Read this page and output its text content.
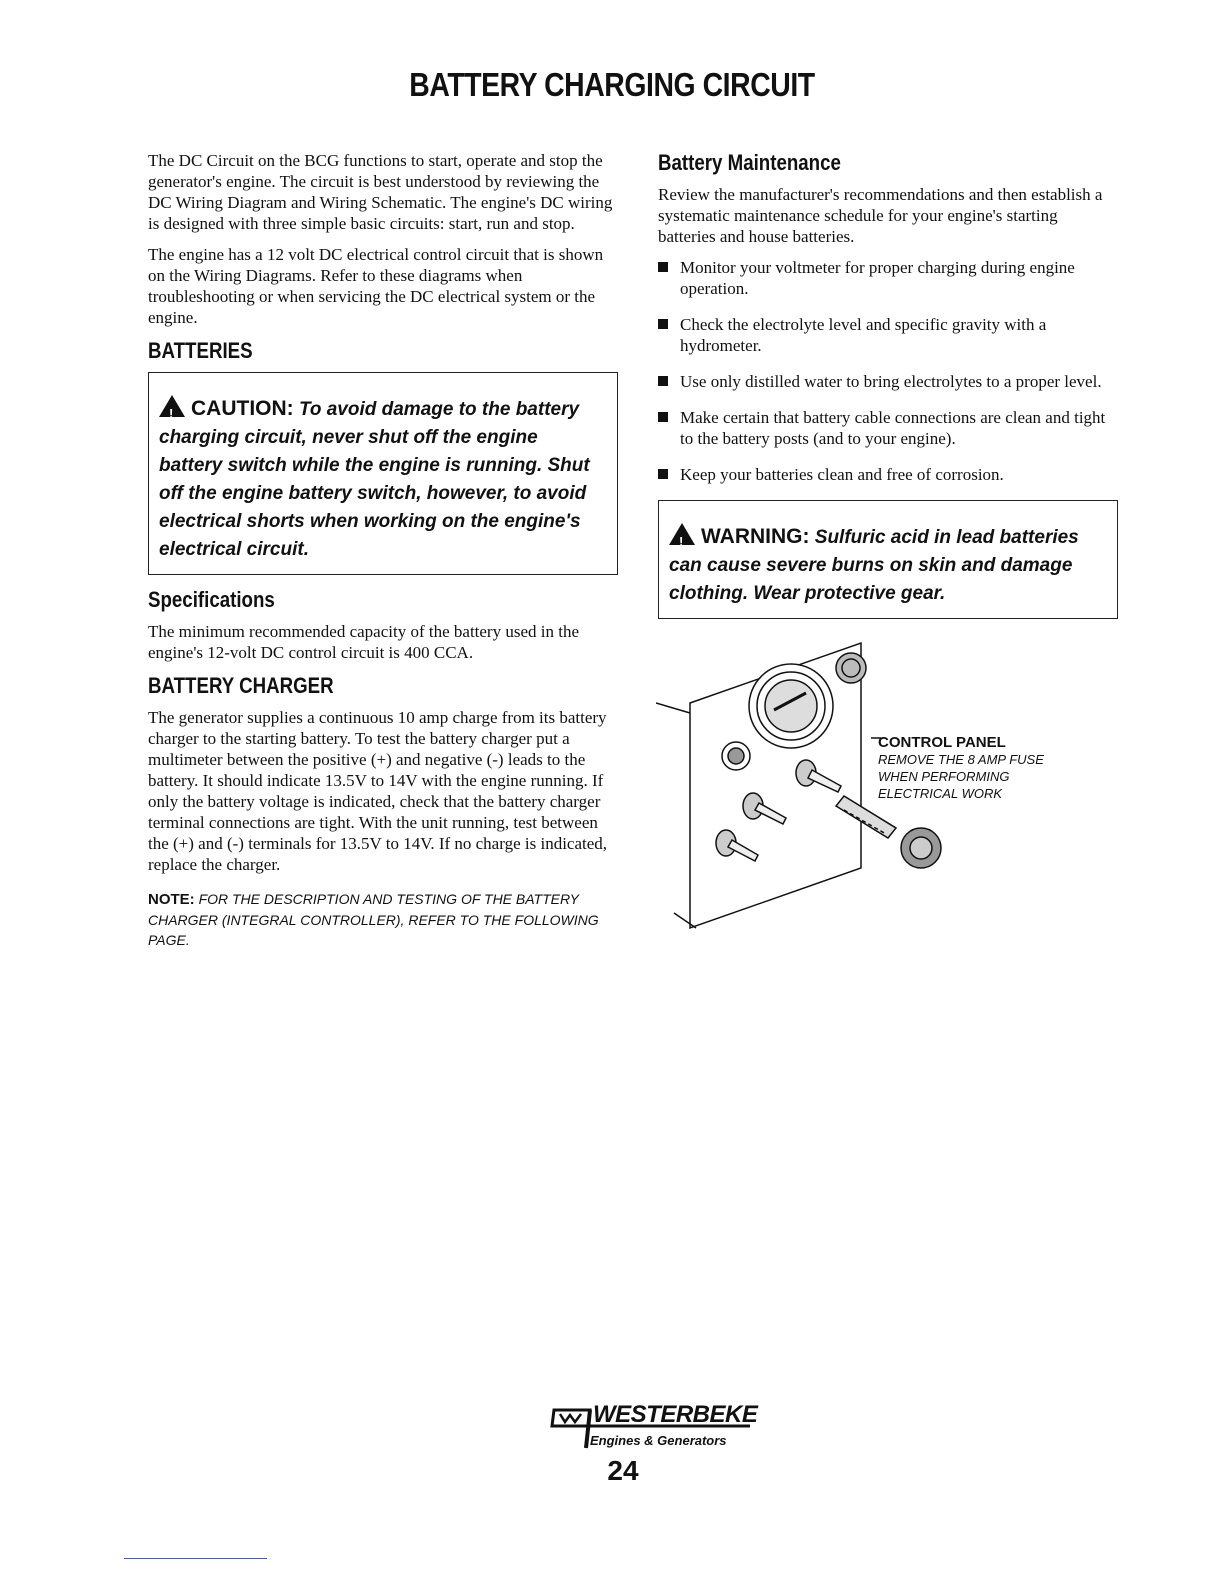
BATTERY CHARGING CIRCUIT

The DC Circuit on the BCG functions to start, operate and stop the generator's engine. The circuit is best understood by reviewing the DC Wiring Diagram and Wiring Schematic. The engine's DC wiring is designed with three simple basic circuits: start, run and stop.

The engine has a 12 volt DC electrical control circuit that is shown on the Wiring Diagrams. Refer to these diagrams when troubleshooting or when servicing the DC electrical system or the engine.

BATTERIES
!CAUTION: To avoid damage to the battery charging circuit, never shut off the engine battery switch while the engine is running. Shut off the engine battery switch, however, to avoid electrical shorts when working on the engine's electrical circuit.
Specifications

The minimum recommended capacity of the battery used in the engine's 12-volt DC control circuit is 400 CCA.

BATTERY CHARGER

The generator supplies a continuous 10 amp charge from its battery charger to the starting battery. To test the battery charger put a multimeter between the positive (+) and negative (-) leads to the battery. It should indicate 13.5V to 14V with the engine running. If only the battery voltage is indicated, check that the battery charger terminal connections are tight. With the unit running, test between the (+) and (-) terminals for 13.5V to 14V. If no charge is indicated, replace the charger.

NOTE: FOR THE DESCRIPTION AND TESTING OF THE BATTERY CHARGER (INTEGRAL CONTROLLER), REFER TO THE FOLLOWING PAGE.
Battery Maintenance

Review the manufacturer's recommendations and then establish a systematic maintenance schedule for your engine's starting batteries and house batteries.

Monitor your voltmeter for proper charging during engine operation.
Check the electrolyte level and specific gravity with a hydrometer.
Use only distilled water to bring electrolytes to a proper level.
Make certain that battery cable connections are clean and tight to the battery posts (and to your engine).
Keep your batteries clean and free of corrosion.
!WARNING: Sulfuric acid in lead batteries can cause severe burns on skin and damage clothing. Wear protective gear.
CONTROL PANEL

REMOVE THE 8 AMP FUSE WHEN PERFORMING ELECTRICAL WORK
WESTERBEKE
Engines & Generators
24
